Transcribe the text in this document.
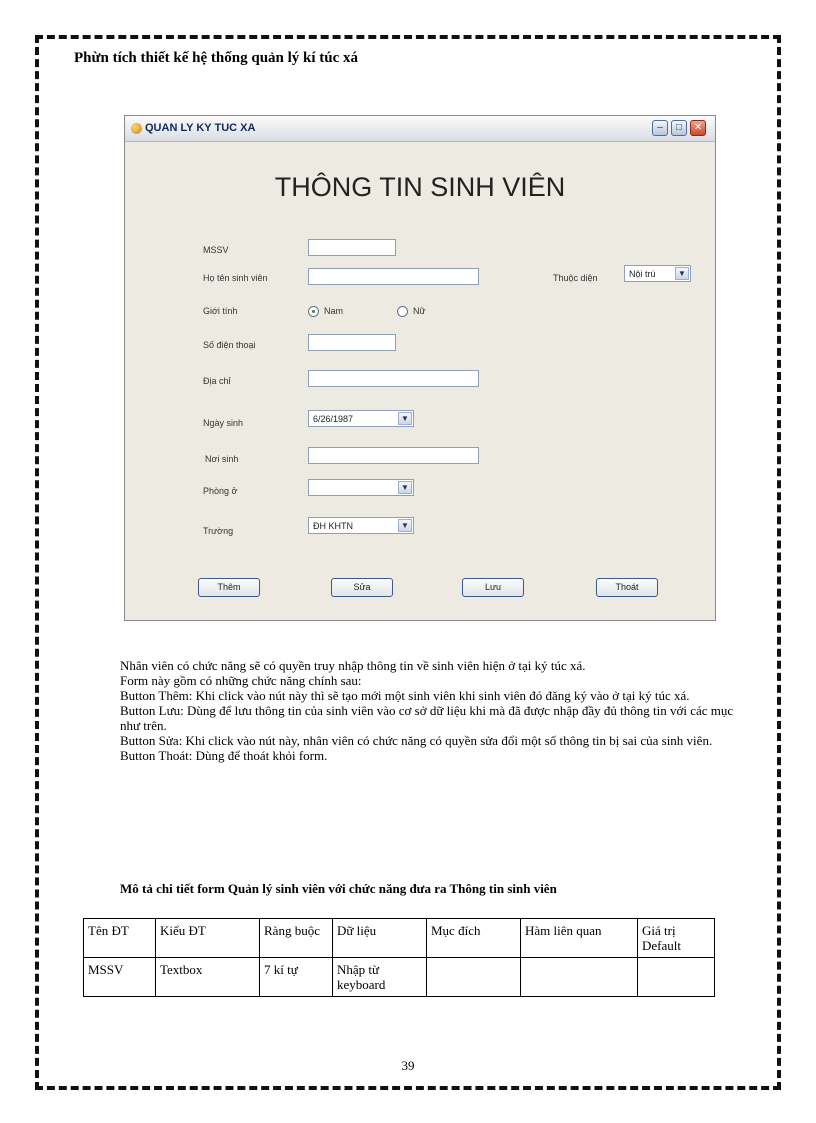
Phừn tích thiết kế hệ thống quản lý kí túc xá
QUAN LY KY TUC XA	–	□	✕
THÔNG TIN SINH VIÊN
MSSV
Họ tên sinh viên	Thuộc diện	Nội trú	▼
Giới tính	Nam	Nữ
Số điện thoại
Địa chỉ
Ngày sinh	6/26/1987	▼
Nơi sinh
Phòng ở	▼
Trường	ĐH KHTN	▼
Thêm	Sửa	Lưu	Thoát

Nhân viên có chức năng sẽ có quyền truy nhập thông tin về sinh viên hiện ở tại ký túc xá.

Form này gồm có những chức năng chính sau:

Button Thêm: Khi click vào nút này thì sẽ tạo mới một sinh viên khi sinh viên đó đăng ký vào ở tại ký túc xá.

Button Lưu: Dùng để lưu thông tin của sinh viên vào cơ sở dữ liệu khi mà đã được nhập đầy đủ thông tin với các mục như trên.

Button Sửa: Khi click vào nút này, nhân viên có chức năng có quyền sửa đổi một số thông tin bị sai của sinh viên.

Button Thoát: Dùng để thoát khỏi form.

Mô tả chi tiết form Quản lý sinh viên với chức năng đưa ra Thông tin sinh viên
Tên ĐT	Kiểu ĐT	Ràng buộc	Dữ liệu	Mục đích	Hàm liên quan	Giá trị Default
MSSV	Textbox	7 kí tự	Nhập từ keyboard			
39
